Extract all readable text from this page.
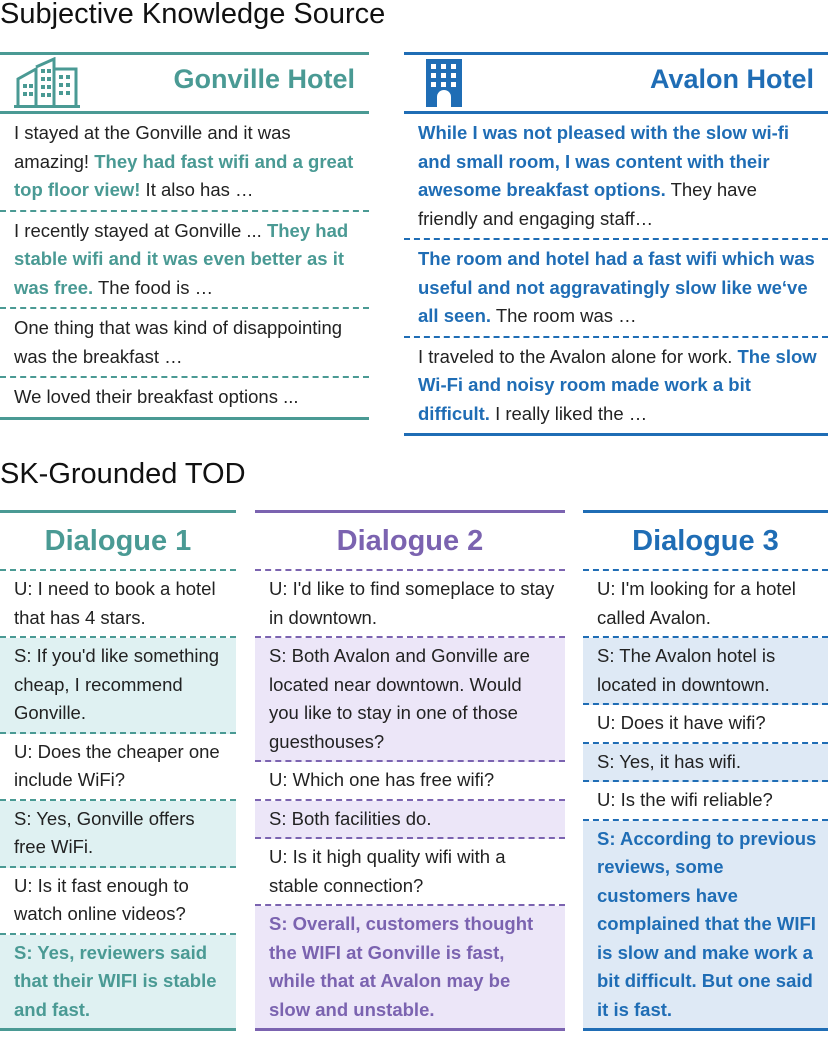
Subjective Knowledge Source
Gonville Hotel
I stayed at the Gonville and it was amazing! They had fast wifi and a great top floor view! It also has …
I recently stayed at Gonville ... They had stable wifi and it was even better as it was free. The food is …
One thing that was kind of disappointing was the breakfast …
We loved their breakfast options ...
Avalon Hotel
While I was not pleased with the slow wi-fi and small room, I was content with their awesome breakfast options. They have friendly and engaging staff…
The room and hotel had a fast wifi which was useful and not aggravatingly slow like we‘ve all seen. The room was …
I traveled to the Avalon alone for work. The slow Wi-Fi and noisy room made work a bit difficult. I really liked the …
SK-Grounded TOD
Dialogue 1
U: I need to book a hotel that has 4 stars.
S: If you'd like something cheap, I recommend Gonville.
U: Does the cheaper one include WiFi?
S: Yes, Gonville offers free WiFi.
U: Is it fast enough to watch online videos?
S: Yes, reviewers said that their WIFI is stable and fast.
Dialogue 2
U: I'd like to find someplace to stay in downtown.
S: Both Avalon and Gonville are located near downtown. Would you like to stay in one of those guesthouses?
U: Which one has free wifi?
S: Both facilities do.
U: Is it high quality wifi with a stable connection?
S: Overall, customers thought the WIFI at Gonville is fast, while that at Avalon may be slow and unstable.
Dialogue 3
U: I'm looking for a hotel called Avalon.
S: The Avalon hotel is located in downtown.
U: Does it have wifi?
S: Yes, it has wifi.
U: Is the wifi reliable?
S: According to previous reviews, some customers have complained that the WIFI is slow and make work a bit difficult. But one said it is fast.
